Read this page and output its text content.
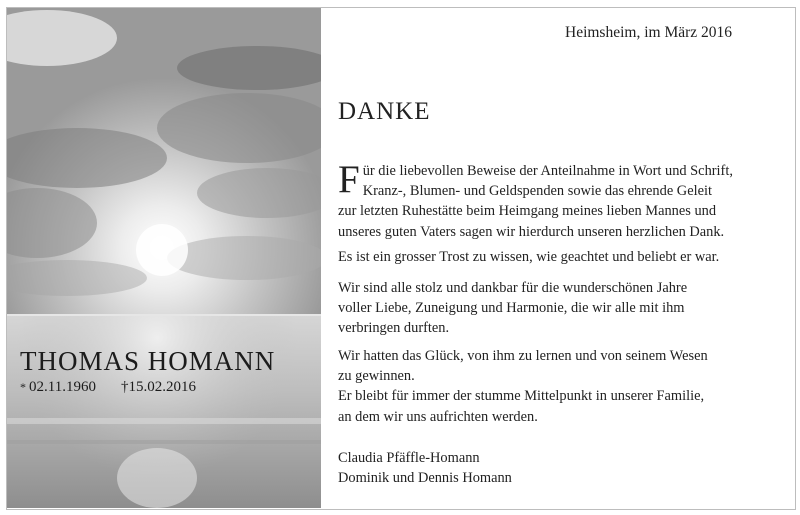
THOMAS HOMANN
* 02.11.1960 †15.02.2016
Heimsheim, im März 2016
DANKE
F ür die liebevollen Beweise der Anteilnahme in Wort und Schrift,

Kranz-, Blumen- und Geldspenden sowie das ehrende Geleit

zur letzten Ruhestätte beim Heimgang meines lieben Mannes und

unseres guten Vaters sagen wir hierdurch unseren herzlichen Dank.

Es ist ein grosser Trost zu wissen, wie geachtet und beliebt er war.

Wir sind alle stolz und dankbar für die wunderschönen Jahre

voller Liebe, Zuneigung und Harmonie, die wir alle mit ihm

verbringen durften.

Wir hatten das Glück, von ihm zu lernen und von seinem Wesen

zu gewinnen.

Er bleibt für immer der stumme Mittelpunkt in unserer Familie,

an dem wir uns aufrichten werden.

Claudia Pfäffle-Homann

Dominik und Dennis Homann
